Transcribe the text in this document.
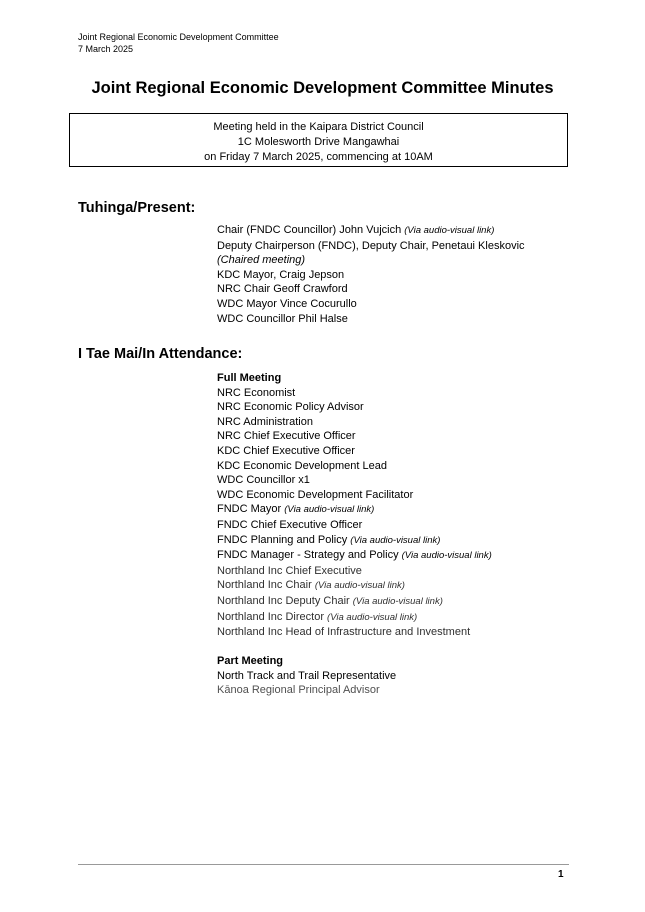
Joint Regional Economic Development Committee
7 March 2025
Joint Regional Economic Development Committee Minutes
Meeting held in the Kaipara District Council
1C Molesworth Drive Mangawhai
on Friday 7 March 2025, commencing at 10AM
Tuhinga/Present:
Chair (FNDC Councillor) John Vujcich (Via audio-visual link)
Deputy Chairperson (FNDC), Deputy Chair, Penetaui Kleskovic  (Chaired meeting)
KDC Mayor, Craig Jepson
NRC Chair Geoff Crawford
WDC Mayor Vince Cocurullo
WDC Councillor Phil Halse
I Tae Mai/In Attendance:
Full Meeting
NRC Economist
NRC Economic Policy Advisor
NRC Administration
NRC Chief Executive Officer
KDC Chief Executive Officer
KDC Economic Development Lead
WDC Councillor x1
WDC Economic Development Facilitator
FNDC Mayor (Via audio-visual link)
FNDC Chief Executive Officer
FNDC Planning and Policy (Via audio-visual link)
FNDC Manager - Strategy and Policy (Via audio-visual link)
Northland Inc Chief Executive
Northland Inc Chair (Via audio-visual link)
Northland Inc Deputy Chair (Via audio-visual link)
Northland Inc Director (Via audio-visual link)
Northland Inc Head of Infrastructure and Investment
Part Meeting
North Track and Trail Representative
Kānoa Regional Principal Advisor
1
